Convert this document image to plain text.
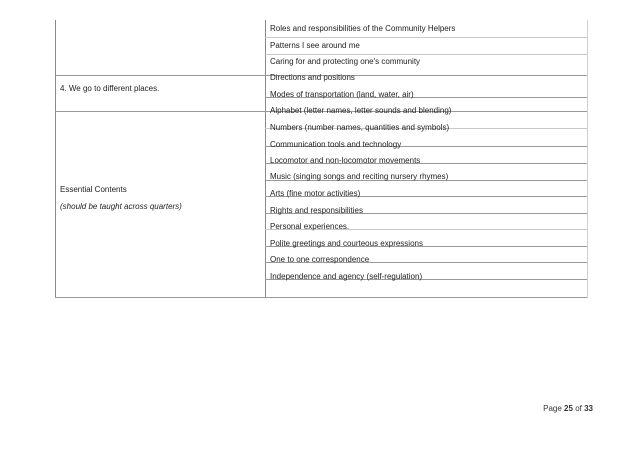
4. We go to different places.
Essential Contents
(should be taught across quarters)
Roles and responsibilities of the Community Helpers
Patterns I see around me
Caring for and protecting one's community
Directions and positions
Modes of transportation (land, water, air)
Alphabet (letter names, letter sounds and blending)
Numbers (number names, quantities and symbols)
Communication tools and technology
Locomotor and non-locomotor movements
Music (singing songs and reciting nursery rhymes)
Arts (fine motor activities)
Rights and responsibilities
Personal experiences.
Polite greetings and courteous expressions
One to one correspondence
Independence and agency (self-regulation)
Page 25 of 33
